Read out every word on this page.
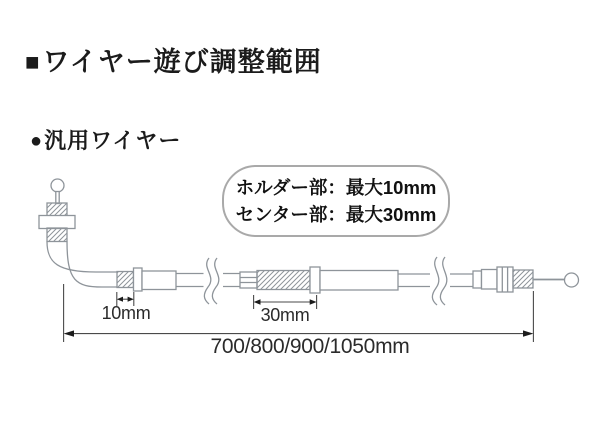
■ワイヤー遊び調整範囲
●汎用ワイヤー
ホルダー部：最大10mm
センター部：最大30mm
10mm	30mm
700/800/900/1050mm
